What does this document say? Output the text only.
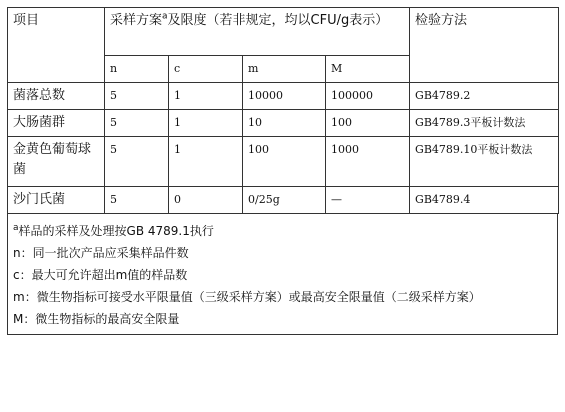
项目	采样方案$^a$及限度（若非规定，均以CFU/g表示）				检验方法
	n	c	m	M	
菌落总数	5	1	10000	100000	GB4789.2
大肠菌群	5	1	10	100	GB4789.3平板计数法
金黄色葡萄球菌	5	1	100	1000	GB4789.10平板计数法
沙门氏菌	5	0	0/25g	—	GB4789.4
$^a$样品的采样及处理按GB 4789.1执行
n：同一批次产品应采集样品件数
c：最大可允许超出m值的样品数
m：微生物指标可接受水平限量值（三级采样方案）或最高安全限量值（二级采样方案）
M：微生物指标的最高安全限量
